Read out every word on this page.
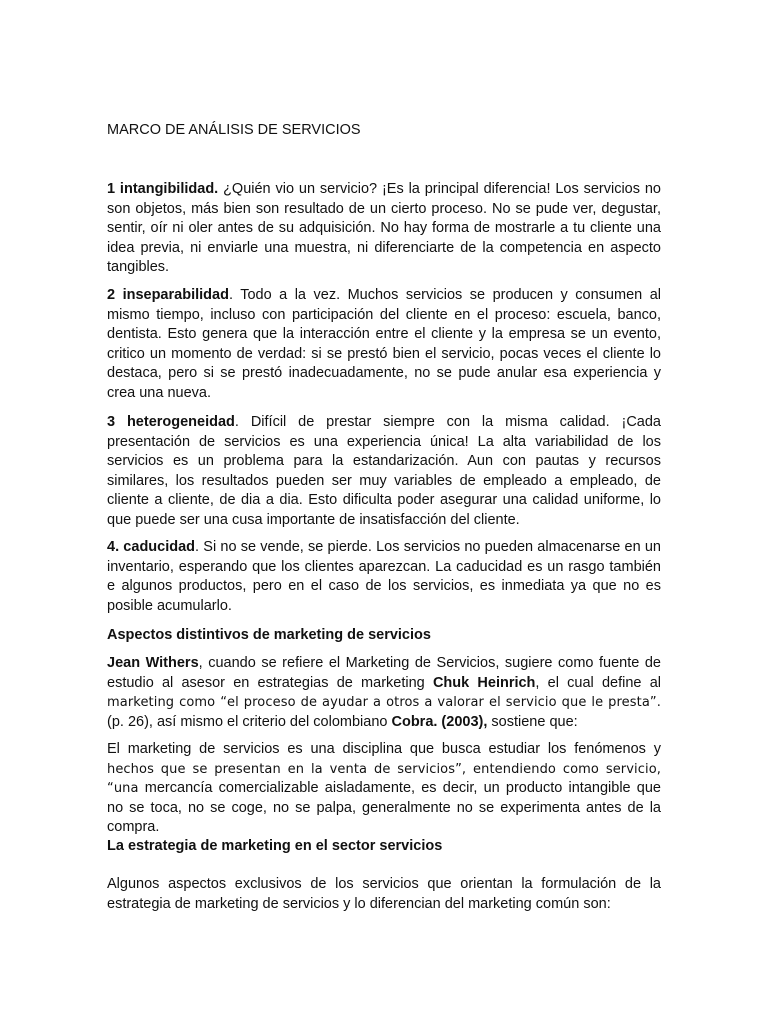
MARCO DE ANÁLISIS DE SERVICIOS

1 intangibilidad. ¿Quién vio un servicio? ¡Es la principal diferencia! Los servicios no son objetos, más bien son resultado de un cierto proceso. No se pude ver, degustar, sentir, oír ni oler antes de su adquisición. No hay forma de mostrarle a tu cliente una idea previa, ni enviarle una muestra, ni diferenciarte de la competencia en aspecto tangibles.

2 inseparabilidad. Todo a la vez. Muchos servicios se producen y consumen al mismo tiempo, incluso con participación del cliente en el proceso: escuela, banco, dentista. Esto genera que la interacción entre el cliente y la empresa se un evento, critico un momento de verdad: si se prestó bien el servicio, pocas veces el cliente lo destaca, pero si se prestó inadecuadamente, no se pude anular esa experiencia y crea una nueva.

3 heterogeneidad. Difícil de prestar siempre con la misma calidad. ¡Cada presentación de servicios es una experiencia única! La alta variabilidad de los servicios es un problema para la estandarización. Aun con pautas y recursos similares, los resultados pueden ser muy variables de empleado a empleado, de cliente a cliente, de dia a dia. Esto dificulta poder asegurar una calidad uniforme, lo que puede ser una cusa importante de insatisfacción del cliente.

4. caducidad. Si no se vende, se pierde. Los servicios no pueden almacenarse en un inventario, esperando que los clientes aparezcan. La caducidad es un rasgo también e algunos productos, pero en el caso de los servicios, es inmediata ya que no es posible acumularlo.

Aspectos distintivos de marketing de servicios

Jean Withers, cuando se refiere el Marketing de Servicios, sugiere como fuente de estudio al asesor en estrategias de marketing Chuk Heinrich, el cual define al marketing como “el proceso de ayudar a otros a valorar el servicio que le presta”. (p. 26), así mismo el criterio del colombiano Cobra. (2003), sostiene que:

El marketing de servicios es una disciplina que busca estudiar los fenómenos y hechos que se presentan en la venta de servicios”, entendiendo como servicio, “una mercancía comercializable aisladamente, es decir, un producto intangible que no se toca, no se coge, no se palpa, generalmente no se experimenta antes de la compra.

La estrategia de marketing en el sector servicios

Algunos aspectos exclusivos de los servicios que orientan la formulación de la estrategia de marketing de servicios y lo diferencian del marketing común son:
